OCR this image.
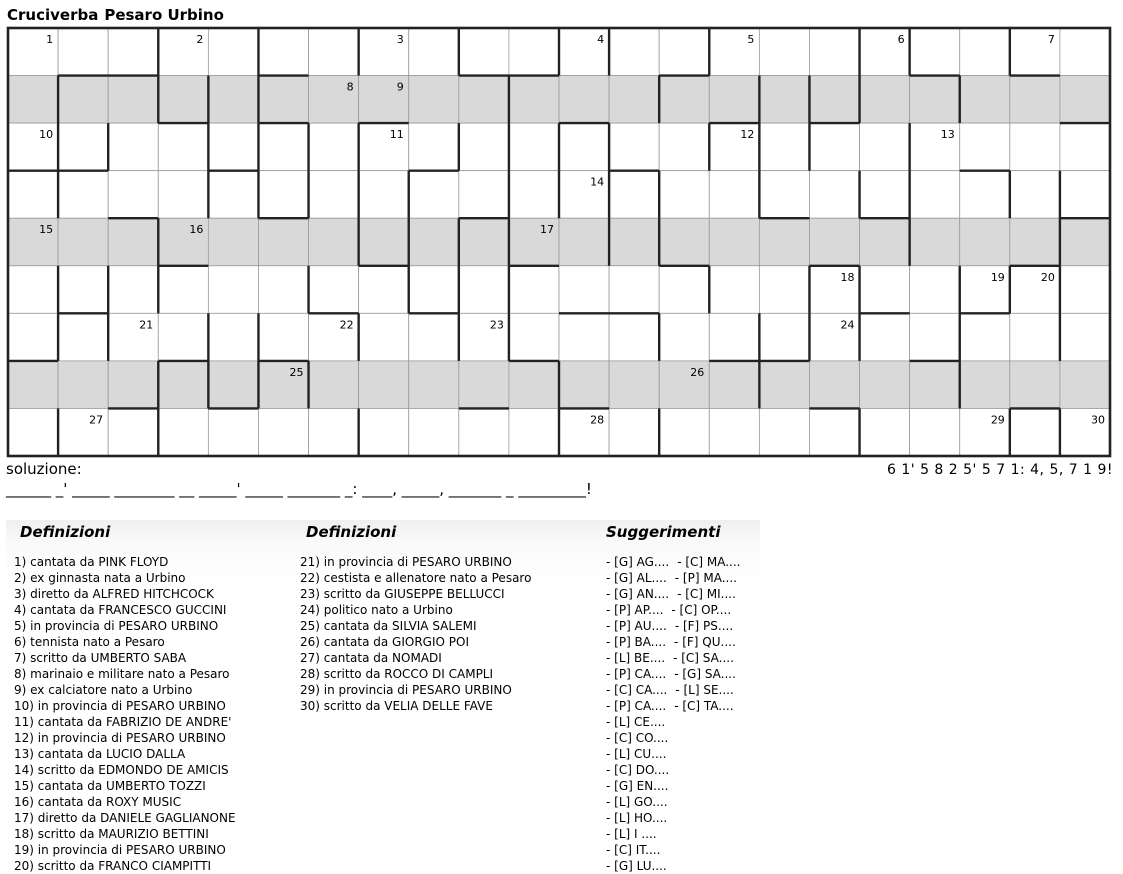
Cruciverba Pesaro Urbino
1	2	3	4	5	6	7
8	9
10	11	12	13
14
15	16	17
18	19	20
21	22	23	24
25	26
27	28	29	30
soluzione:	6 1' 5 8 2 5' 5 7 1: 4, 5, 7 1 9!
______ _' _____ ________ __ _____' _____ _______ _: ____, _____, _______ _ _________!
Definizioni
1) cantata da PINK FLOYD
2) ex ginnasta nata a Urbino
3) diretto da ALFRED HITCHCOCK
4) cantata da FRANCESCO GUCCINI
5) in provincia di PESARO URBINO
6) tennista nato a Pesaro
7) scritto da UMBERTO SABA
8) marinaio e militare nato a Pesaro
9) ex calciatore nato a Urbino
10) in provincia di PESARO URBINO
11) cantata da FABRIZIO DE ANDRE'
12) in provincia di PESARO URBINO
13) cantata da LUCIO DALLA
14) scritto da EDMONDO DE AMICIS
15) cantata da UMBERTO TOZZI
16) cantata da ROXY MUSIC
17) diretto da DANIELE GAGLIANONE
18) scritto da MAURIZIO BETTINI
19) in provincia di PESARO URBINO
20) scritto da FRANCO CIAMPITTI
Definizioni
21) in provincia di PESARO URBINO
22) cestista e allenatore nato a Pesaro
23) scritto da GIUSEPPE BELLUCCI
24) politico nato a Urbino
25) cantata da SILVIA SALEMI
26) cantata da GIORGIO POI
27) cantata da NOMADI
28) scritto da ROCCO DI CAMPLI
29) in provincia di PESARO URBINO
30) scritto da VELIA DELLE FAVE
Suggerimenti
- [G] AG.... - [C] MA....
- [G] AL.... - [P] MA....
- [G] AN.... - [C] MI....
- [P] AP.... - [C] OP....
- [P] AU.... - [F] PS....
- [P] BA.... - [F] QU....
- [L] BE.... - [C] SA....
- [P] CA.... - [G] SA....
- [C] CA.... - [L] SE....
- [P] CA.... - [C] TA....
- [L] CE....
- [C] CO....
- [L] CU....
- [C] DO....
- [G] EN....
- [L] GO....
- [L] HO....
- [L] I ....
- [C] IT....
- [G] LU....
